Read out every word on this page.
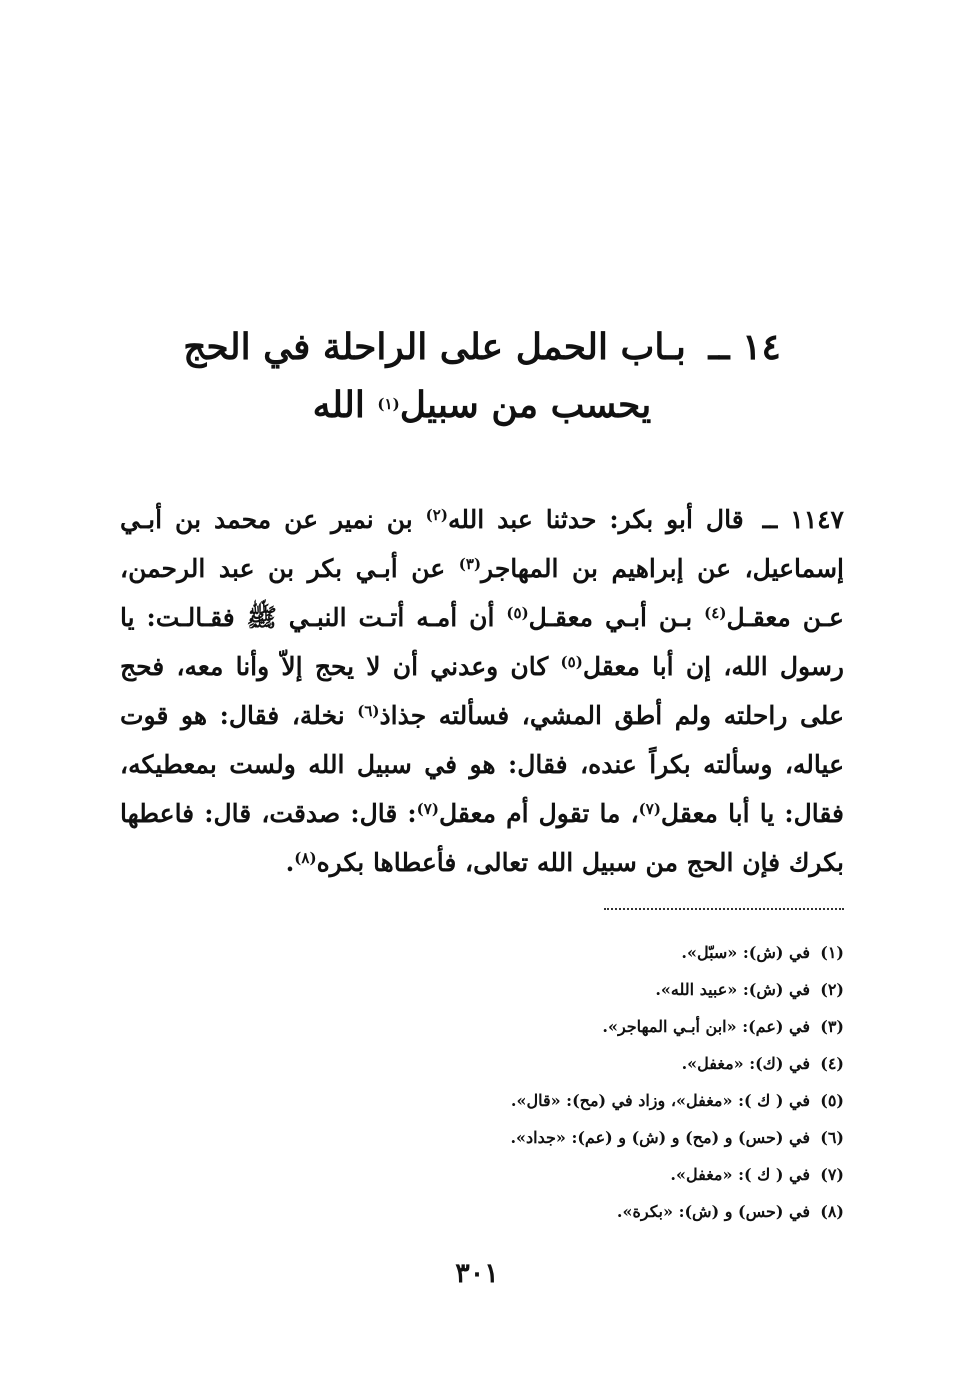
١٤ ــ بـاب الحمل على الراحلة في الحج
يحسب من سبيل$^{(١)}$ الله
١١٤٧ ــ قال أبو بكر: حدثنا عبد الله$^{(٢)}$ بن نمير عن محمد بن أبـي إسماعيل، عن إبراهيم بن المهاجر$^{(٣)}$ عن أبـي بكر بن عبد الرحمن، عـن معقـل$^{(٤)}$ بـن أبـي معقـل$^{(٥)}$ أن أمـه أتـت النبـي ﷺ فقـالـت: يا رسول الله، إن أبا معقل$^{(٥)}$ كان وعدني أن لا يحج إلاّ وأنا معه، فحج على راحلته ولم أطق المشي، فسألته جذاذ$^{(٦)}$ نخلة، فقال: هو قوت عياله، وسألته بكراً عنده، فقال: هو في سبيل الله ولست بمعطيكه، فقال: يا أبا معقل$^{(٧)}$، ما تقول أم معقل$^{(٧)}$: قال: صدقت، قال: فاعطها بكرك فإن الحج من سبيل الله تعالى، فأعطاها بكره$^{(٨)}$.
(١)في (ش): «سبّل».
(٢)في (ش): «عبيد الله».
(٣)في (عم): «ابن أبـي المهاجر».
(٤)في (ك): «مغفل».
(٥)في ( ك ): «مغفل»، وزاد في (مح): «قال».
(٦)في (حس) و (مح) و (ش) و (عم): «جداد».
(٧)في ( ك ): «مغفل».
(٨)في (حس) و (ش): «بكرة».
٣٠١
